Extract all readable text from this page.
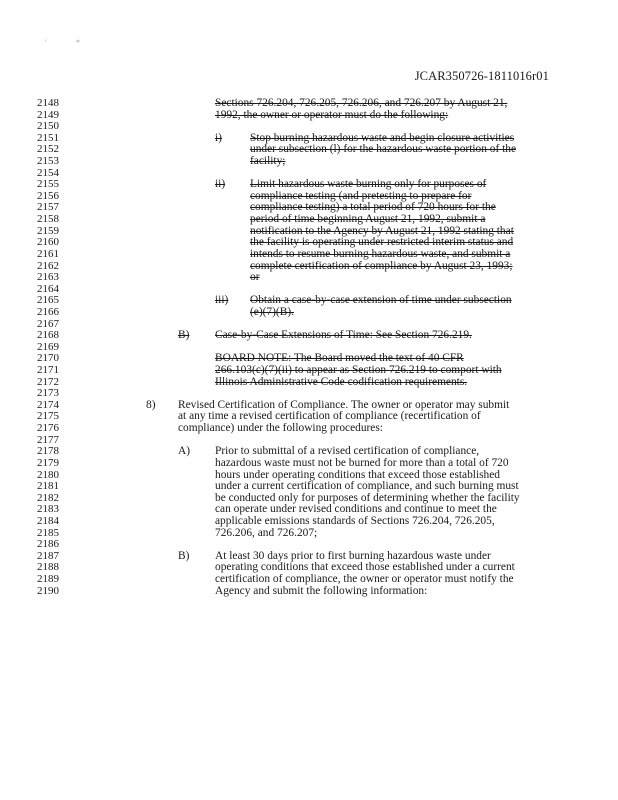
'	*
JCAR350726-1811016r01
2148	Sections 726.204, 726.205, 726.206, and 726.207 by August 21,
2149	1992, the owner or operator must do the following:
2150
2151	i) Stop burning hazardous waste and begin closure activities
2152	under subsection (l) for the hazardous waste portion of the
2153	facility;
2154
2155	ii) Limit hazardous waste burning only for purposes of
2156	compliance testing (and pretesting to prepare for
2157	compliance testing) a total period of 720 hours for the
2158	period of time beginning August 21, 1992, submit a
2159	notification to the Agency by August 21, 1992 stating that
2160	the facility is operating under restricted interim status and
2161	intends to resume burning hazardous waste, and submit a
2162	complete certification of compliance by August 23, 1993;
2163	or
2164
2165	iii) Obtain a case-by-case extension of time under subsection
2166	(e)(7)(B).
2167
2168	B) Case-by-Case Extensions of Time: See Section 726.219.
2169
2170	BOARD NOTE: The Board moved the text of 40 CFR
2171	266.103(c)(7)(ii) to appear as Section 726.219 to comport with
2172	Illinois Administrative Code codification requirements.
2173
2174	8) Revised Certification of Compliance. The owner or operator may submit
2175	at any time a revised certification of compliance (recertification of
2176	compliance) under the following procedures:
2177
2178	A) Prior to submittal of a revised certification of compliance,
2179	hazardous waste must not be burned for more than a total of 720
2180	hours under operating conditions that exceed those established
2181	under a current certification of compliance, and such burning must
2182	be conducted only for purposes of determining whether the facility
2183	can operate under revised conditions and continue to meet the
2184	applicable emissions standards of Sections 726.204, 726.205,
2185	726.206, and 726.207;
2186
2187	B) At least 30 days prior to first burning hazardous waste under
2188	operating conditions that exceed those established under a current
2189	certification of compliance, the owner or operator must notify the
2190	Agency and submit the following information:
